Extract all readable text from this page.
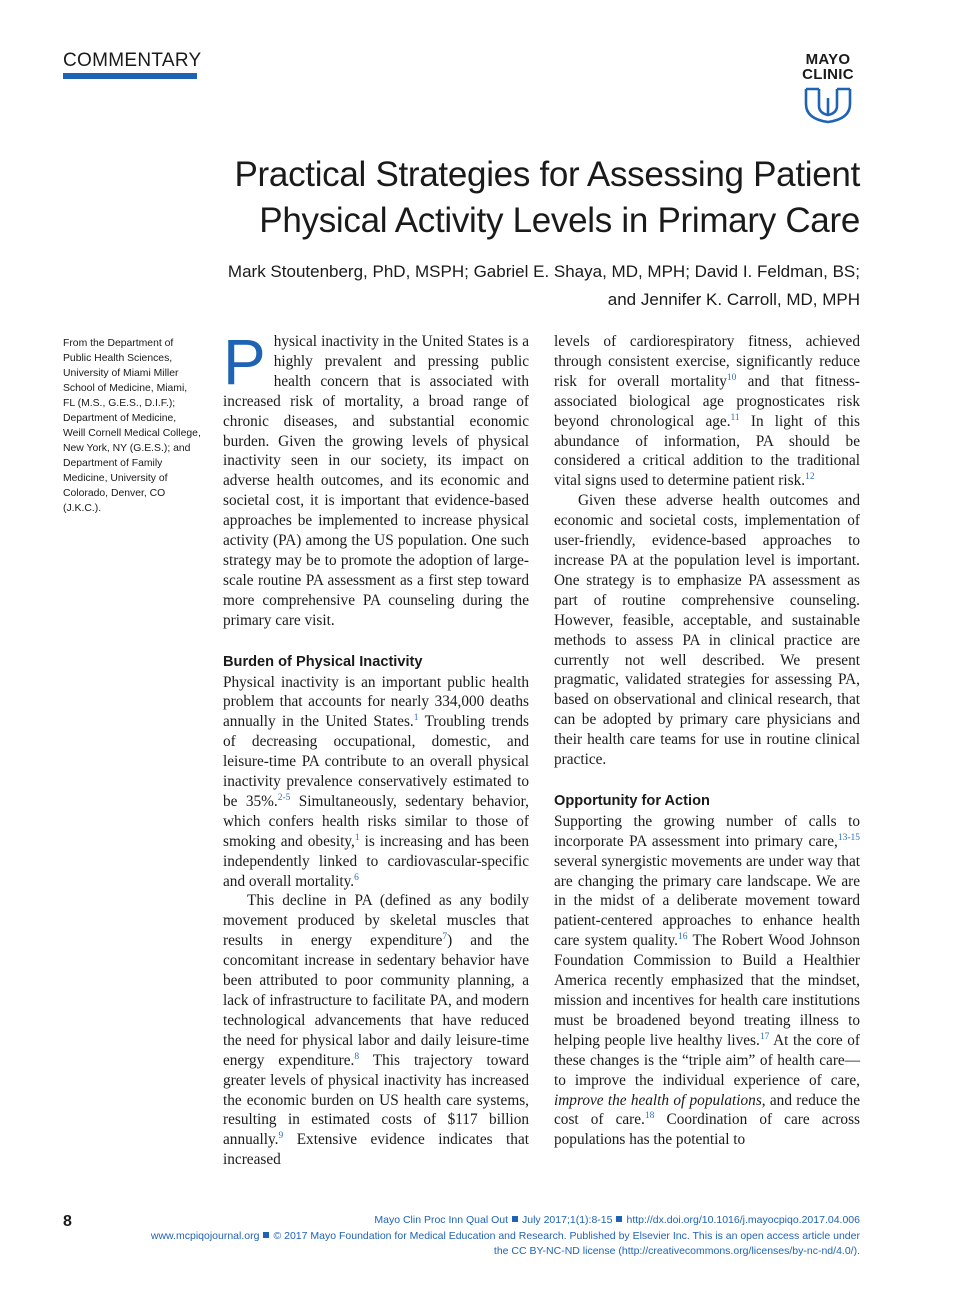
COMMENTARY	MAYO
CLINIC
Practical Strategies for Assessing Patient
Physical Activity Levels in Primary Care

Mark Stoutenberg, PhD, MSPH; Gabriel E. Shaya, MD, MPH; David I. Feldman, BS;
and Jennifer K. Carroll, MD, MPH

From the Department of Public Health Sciences, University of Miami Miller School of Medicine, Miami, FL (M.S., G.E.S., D.I.F.); Department of Medicine, Weill Cornell Medical College, New York, NY (G.E.S.); and Department of Family Medicine, University of Colorado, Denver, CO (J.K.C.).

Physical inactivity in the United States is a highly prevalent and pressing public health concern that is associated with increased risk of mortality, a broad range of chronic diseases, and substantial economic burden. Given the growing levels of physical inactivity seen in our society, its impact on adverse health outcomes, and its economic and societal cost, it is important that evidence-based approaches be implemented to increase physical activity (PA) among the US population. One such strategy may be to promote the adoption of large-scale routine PA assessment as a first step toward more comprehensive PA counseling during the primary care visit.

Burden of Physical Inactivity

Physical inactivity is an important public health problem that accounts for nearly 334,000 deaths annually in the United States.$^1$ Troubling trends of decreasing occupational, domestic, and leisure-time PA contribute to an overall physical inactivity prevalence conservatively estimated to be 35%.$^{2-5}$ Simultaneously, sedentary behavior, which confers health risks similar to those of smoking and obesity,$^1$ is increasing and has been independently linked to cardiovascular-specific and overall mortality.$^6$

This decline in PA (defined as any bodily movement produced by skeletal muscles that results in energy expenditure$^7$) and the concomitant increase in sedentary behavior have been attributed to poor community planning, a lack of infrastructure to facilitate PA, and modern technological advancements that have reduced the need for physical labor and daily leisure-time energy expenditure.$^8$ This trajectory toward greater levels of physical inactivity has increased the economic burden on US health care systems, resulting in estimated costs of $117 billion annually.$^9$ Extensive evidence indicates that increased

levels of cardiorespiratory fitness, achieved through consistent exercise, significantly reduce risk for overall mortality$^{10}$ and that fitness-associated biological age prognosticates risk beyond chronological age.$^{11}$ In light of this abundance of information, PA should be considered a critical addition to the traditional vital signs used to determine patient risk.$^{12}$

Given these adverse health outcomes and economic and societal costs, implementation of user-friendly, evidence-based approaches to increase PA at the population level is important. One strategy is to emphasize PA assessment as part of routine comprehensive counseling. However, feasible, acceptable, and sustainable methods to assess PA in clinical practice are currently not well described. We present pragmatic, validated strategies for assessing PA, based on observational and clinical research, that can be adopted by primary care physicians and their health care teams for use in routine clinical practice.

Opportunity for Action

Supporting the growing number of calls to incorporate PA assessment into primary care,$^{13-15}$ several synergistic movements are under way that are changing the primary care landscape. We are in the midst of a deliberate movement toward patient-centered approaches to enhance health care system quality.$^{16}$ The Robert Wood Johnson Foundation Commission to Build a Healthier America recently emphasized that the mindset, mission and incentives for health care institutions must be broadened beyond treating illness to helping people live healthy lives.$^{17}$ At the core of these changes is the “triple aim” of health care—to improve the individual experience of care, improve the health of populations, and reduce the cost of care.$^{18}$ Coordination of care across populations has the potential to

8	Mayo Clin Proc Inn Qual Out July 2017;1(1):8-15 http://dx.doi.org/10.1016/j.mayocpiqo.2017.04.006
www.mcpiqojournal.org © 2017 Mayo Foundation for Medical Education and Research. Published by Elsevier Inc. This is an open access article under
the CC BY-NC-ND license (http://creativecommons.org/licenses/by-nc-nd/4.0/).
